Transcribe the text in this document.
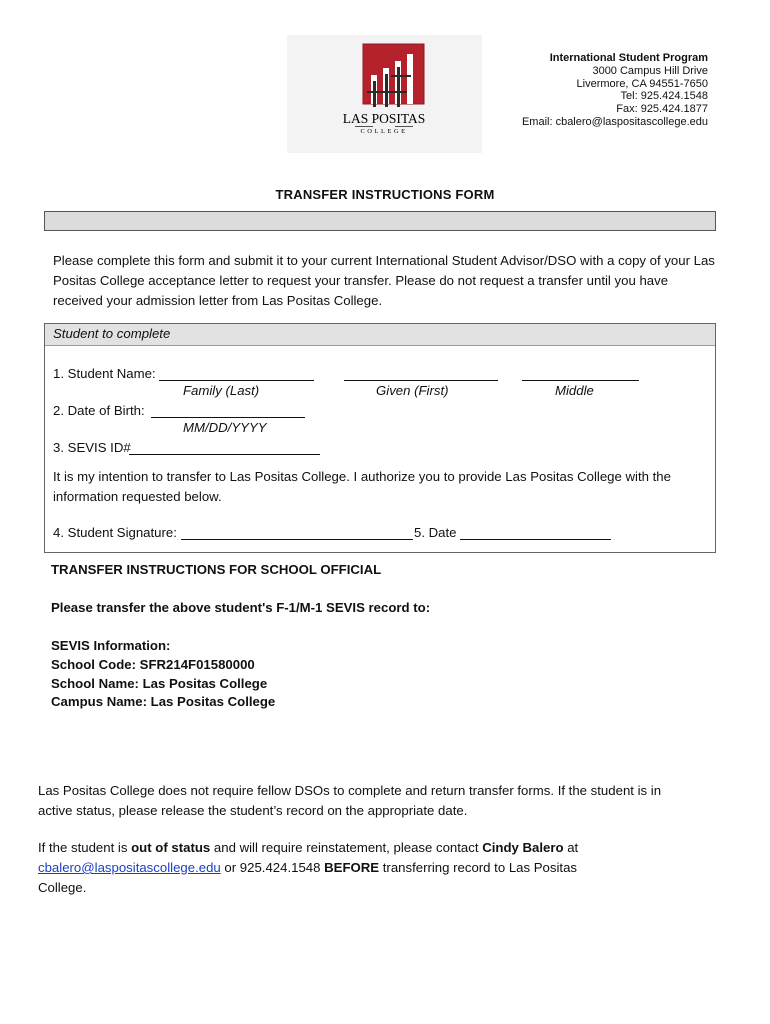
LAS POSITAS
COLLEGE
International Student Program
3000 Campus Hill Drive
Livermore, CA 94551-7650
Tel: 925.424.1548
Fax: 925.424.1877
Email: cbalero@laspositascollege.edu
TRANSFER INSTRUCTIONS FORM
Please complete this form and submit it to your current International Student Advisor/DSO with a copy of your Las Positas College acceptance letter to request your transfer. Please do not request a transfer until you have received your admission letter from Las Positas College.
Student to complete
1. Student Name:
Family (Last)	Given (First)	Middle
2. Date of Birth:
MM/DD/YYYY
3. SEVIS ID#
It is my intention to transfer to Las Positas College. I authorize you to provide Las Positas College with the information requested below.
4. Student Signature:	5. Date
TRANSFER INSTRUCTIONS FOR SCHOOL OFFICIAL
Please transfer the above student's F-1/M-1 SEVIS record to:
SEVIS Information:
School Code: SFR214F01580000
School Name: Las Positas College
Campus Name: Las Positas College
Las Positas College does not require fellow DSOs to complete and return transfer forms. If the student is in active status, please release the student’s record on the appropriate date.
If the student is out of status and will require reinstatement, please contact Cindy Balero at
cbalero@laspositascollege.edu or 925.424.1548 BEFORE transferring record to Las Positas College.
